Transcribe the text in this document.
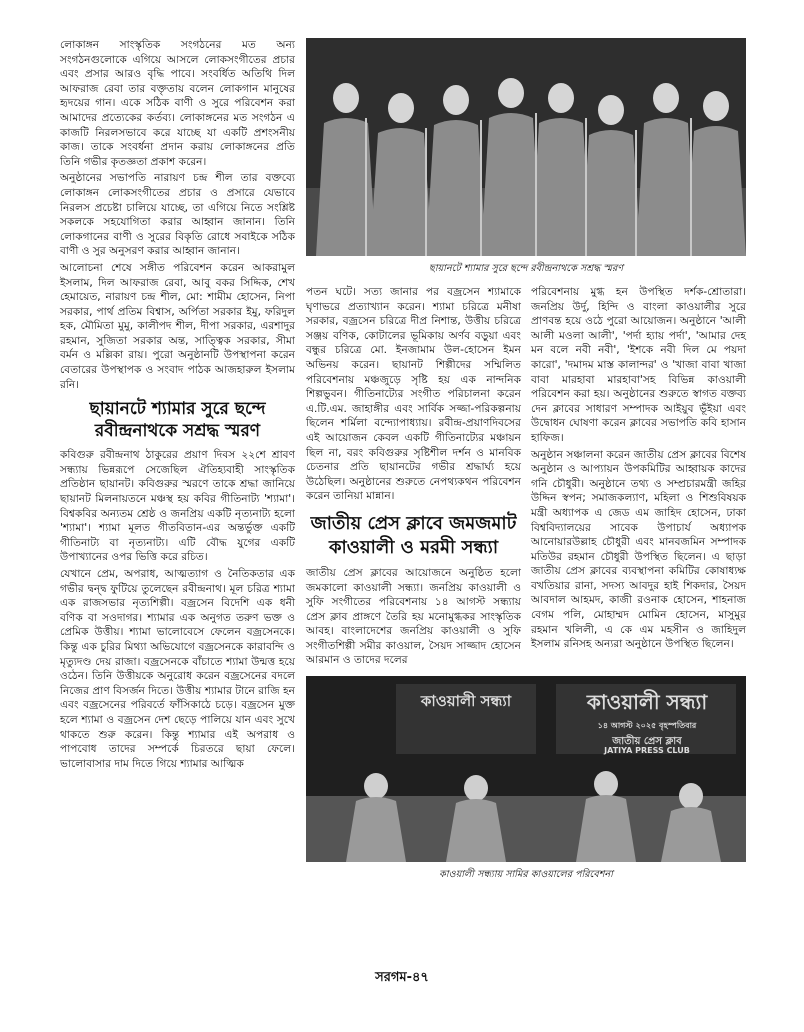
লোকাঙ্গন সাংস্কৃতিক সংগঠনের মত অন্য সংগঠনগুলোকে এগিয়ে আসলে লোকসংগীতের প্রচার এবং প্রসার আরও বৃদ্ধি পাবে। সংবর্ধিত অতিথি দিল আফরাজ রেবা তার বক্তৃতায় বলেন লোকগান মানুষের হৃদয়ের গান। একে সঠিক বাণী ও সুরে পরিবেশন করা আমাদের প্রত্যেকের কর্তব্য। লোকাঙ্গনের মত সংগঠন এ কাজটি নিরলসভাবে করে যাচ্ছে যা একটি প্রশংসনীয় কাজ। তাকে সংবর্ধনা প্রদান করায় লোকাঙ্গনের প্রতি তিনি গভীর কৃতজ্ঞতা প্রকাশ করেন।

অনুষ্ঠানের সভাপতি নারায়ণ চন্দ্র শীল তার বক্তব্যে লোকাঙ্গন লোকসংগীতের প্রচার ও প্রসারে যেভাবে নিরলস প্রচেষ্টা চালিয়ে যাচ্ছে, তা এগিয়ে নিতে সংশ্লিষ্ট সকলকে সহযোগিতা করার আহ্বান জানান। তিনি লোকগানের বাণী ও সুরের বিকৃতি রোধে সবাইকে সঠিক বাণী ও সুর অনুসরণ করার আহ্বান জানান।

আলোচনা শেষে সঙ্গীত পরিবেশন করেন আকরামুল ইসলাম, দিল আফরাজ রেবা, আবু বকর সিদ্দিক, শেখ হেমায়েত, নারায়ণ চন্দ্র শীল, মো: শামীম হোসেন, নিপা সরকার, পার্থ প্রতিম বিশ্বাস, অর্পিতা সরকার ইমু, ফরিদুল হক, মৌমিতা মুমু, কালীপদ শীল, দীপা সরকার, এরশাদুর রহমান, সুজিতা সরকার অন্ত, সাত্ত্বিক সরকার, সীমা বর্মন ও মল্লিকা রায়। পুরো অনুষ্ঠানটি উপস্থাপনা করেন বেতারের উপস্থাপক ও সংবাদ পাঠক আজহারুল ইসলাম রনি।

ছায়ানটে শ্যামার সুরে ছন্দে রবীন্দ্রনাথকে সশ্রদ্ধ স্মরণ

কবিগুরু রবীন্দ্রনাথ ঠাকুরের প্রয়াণ দিবস ২২শে শ্রাবণ সন্ধ্যায় ভিন্নরূপে সেজেছিল ঐতিহ্যবাহী সাংস্কৃতিক প্রতিষ্ঠান ছায়ানট। কবিগুরুর স্মরণে তাকে শ্রদ্ধা জানিয়ে ছায়ানট মিলনায়তনে মঞ্চস্থ হয় কবির গীতিনাট্য 'শ্যামা'। বিশ্বকবির অন্যতম শ্রেষ্ঠ ও জনপ্রিয় একটি নৃত্যনাট্য হলো 'শ্যামা'। শ্যামা মূলত গীতবিতান-এর অন্তর্ভুক্ত একটি গীতিনাট্য বা নৃত্যনাট্য। এটি বৌদ্ধ যুগের একটি উপাখ্যানের ওপর ভিত্তি করে রচিত।

যেখানে প্রেম, অপরাধ, আত্মত্যাগ ও নৈতিকতার এক গভীর দ্বন্দ্ব ফুটিয়ে তুলেছেন রবীন্দ্রনাথ। মূল চরিত্র শ্যামা এক রাজসভার নৃত্যশিল্পী। বজ্রসেন বিদেশি এক ধনী বণিক বা সওদাগর। শ্যামার এক অনুগত তরুণ ভক্ত ও প্রেমিক উত্তীয়। শ্যামা ভালোবেসে ফেলেন বজ্রসেনকে। কিন্তু এক চুরির মিথ্যা অভিযোগে বজ্রসেনকে কারাবন্দি ও মৃত্যুদণ্ড দেয় রাজা। বজ্রসেনকে বাঁচাতে শ্যামা উন্মত্ত হয়ে ওঠেন। তিনি উত্তীয়কে অনুরোধ করেন বজ্রসেনের বদলে নিজের প্রাণ বিসর্জন দিতে। উত্তীয় শ্যামার টানে রাজি হন এবং বজ্রসেনের পরিবর্তে ফাঁসিকাঠে চড়ে। বজ্রসেন মুক্ত হলে শ্যামা ও বজ্রসেন দেশ ছেড়ে পালিয়ে যান এবং সুখে থাকতে শুরু করেন। কিন্তু শ্যামার এই অপরাধ ও পাপবোধ তাদের সম্পর্কে চিরতরে ছায়া ফেলে। ভালোবাসার দাম দিতে গিয়ে শ্যামার আত্মিক

ছায়ানটে শ্যামার সুরে ছন্দে রবীন্দ্রনাথকে সশ্রদ্ধ স্মরণ

পতন ঘটে। সত্য জানার পর বজ্রসেন শ্যামাকে ঘৃণাভরে প্রত্যাখ্যান করেন। শ্যামা চরিত্রে মনীষা সরকার, বজ্রসেন চরিত্রে দীপ্র নিশান্ত, উত্তীয় চরিত্রে সঞ্জয় বণিক, কোটালের ভূমিকায় অর্ণব বড়ুয়া এবং বন্ধুর চরিত্রে মো. ইনজামাম উল-হোসেন ইমন অভিনয় করেন। ছায়ানট শিল্পীদের সম্মিলিত পরিবেশনায় মঞ্চজুড়ে সৃষ্টি হয় এক নান্দনিক শিল্পভুবন। গীতিনাট্যের সংগীত পরিচালনা করেন এ.টি.এম. জাহাঙ্গীর এবং সার্বিক সজ্জা-পরিকল্পনায় ছিলেন শর্মিলা বন্দ্যোপাধ্যায়। রবীন্দ্র-প্রয়াণদিবসের এই আয়োজন কেবল একটি গীতিনাট্যের মঞ্চায়ন ছিল না, বরং কবিগুরুর সৃষ্টিশীল দর্শন ও মানবিক চেতনার প্রতি ছায়ানটের গভীর শ্রদ্ধার্ঘ্য হয়ে উঠেছিল। অনুষ্ঠানের শুরুতে নেপথ্যকথন পরিবেশন করেন তানিয়া মান্নান।

জাতীয় প্রেস ক্লাবে জমজমাট কাওয়ালী ও মরমী সন্ধ্যা

জাতীয় প্রেস ক্লাবের আয়োজনে অনুষ্ঠিত হলো জমকালো কাওয়ালী সন্ধ্যা। জনপ্রিয় কাওয়ালী ও সুফি সংগীতের পরিবেশনায় ১৪ আগস্ট সন্ধ্যায় প্রেস ক্লাব প্রাঙ্গণে তৈরি হয় মনোমুগ্ধকর সাংস্কৃতিক আবহ। বাংলাদেশের জনপ্রিয় কাওয়ালী ও সুফি সংগীতশিল্পী সমীর কাওয়াল, সৈয়দ সাজ্জাদ হোসেন আরমান ও তাদের দলের

পরিবেশনায় মুগ্ধ হন উপস্থিত দর্শক-শ্রোতারা। জনপ্রিয় উর্দু, হিন্দি ও বাংলা কাওয়ালীর সুরে প্রাণবন্ত হয়ে ওঠে পুরো আয়োজন। অনুষ্ঠানে 'আলী আলী মওলা আলী', 'পর্দা হ্যায় পর্দা', 'আমার দেহ মন বলে নবী নবী', 'ইশকে নবী দিল মে পয়দা কারো', 'দমাদম মাস্ত কালান্দর' ও 'খাজা বাবা খাজা বাবা মারহাবা মারহাবা'সহ বিভিন্ন কাওয়ালী পরিবেশন করা হয়। অনুষ্ঠানের শুরুতে স্বাগত বক্তব্য দেন ক্লাবের সাধারণ সম্পাদক আইয়ুব ভূঁইয়া এবং উদ্বোধন ঘোষণা করেন ক্লাবের সভাপতি কবি হাসান হাফিজ।

অনুষ্ঠান সঞ্চালনা করেন জাতীয় প্রেস ক্লাবের বিশেষ অনুষ্ঠান ও আপ্যায়ন উপকমিটির আহ্বায়ক কাদের গনি চৌধুরী। অনুষ্ঠানে তথ্য ও সম্প্রচারমন্ত্রী জহির উদ্দিন স্বপন; সমাজকল্যাণ, মহিলা ও শিশুবিষয়ক মন্ত্রী অধ্যাপক এ জেড এম জাহিদ হোসেন, ঢাকা বিশ্ববিদ্যালয়ের সাবেক উপাচার্য অধ্যাপক আনোয়ারউল্লাহ চৌধুরী এবং মানবজমিন সম্পাদক মতিউর রহমান চৌধুরী উপস্থিত ছিলেন। এ ছাড়া জাতীয় প্রেস ক্লাবের ব্যবস্থাপনা কমিটির কোষাধ্যক্ষ বখতিয়ার রানা, সদস্য আবদুর হাই শিকদার, সৈয়দ আবদাল আহমদ, কাজী রওনাক হোসেন, শাহনাজ বেগম পলি, মোহাম্মদ মোমিন হোসেন, মাসুমুর রহমান খলিলী, এ কে এম মহসীন ও জাহিদুল ইসলাম রনিসহ অন্যরা অনুষ্ঠানে উপস্থিত ছিলেন।

কাওয়ালী সন্ধ্যা	কাওয়ালী সন্ধ্যা
১৪ আগস্ট ২০২৫ বৃহস্পতিবার
জাতীয় প্রেস ক্লাব
JATIYA PRESS CLUB
কাওয়ালী সন্ধ্যায় সামির কাওয়ালের পরিবেশনা
সরগম-৪৭
